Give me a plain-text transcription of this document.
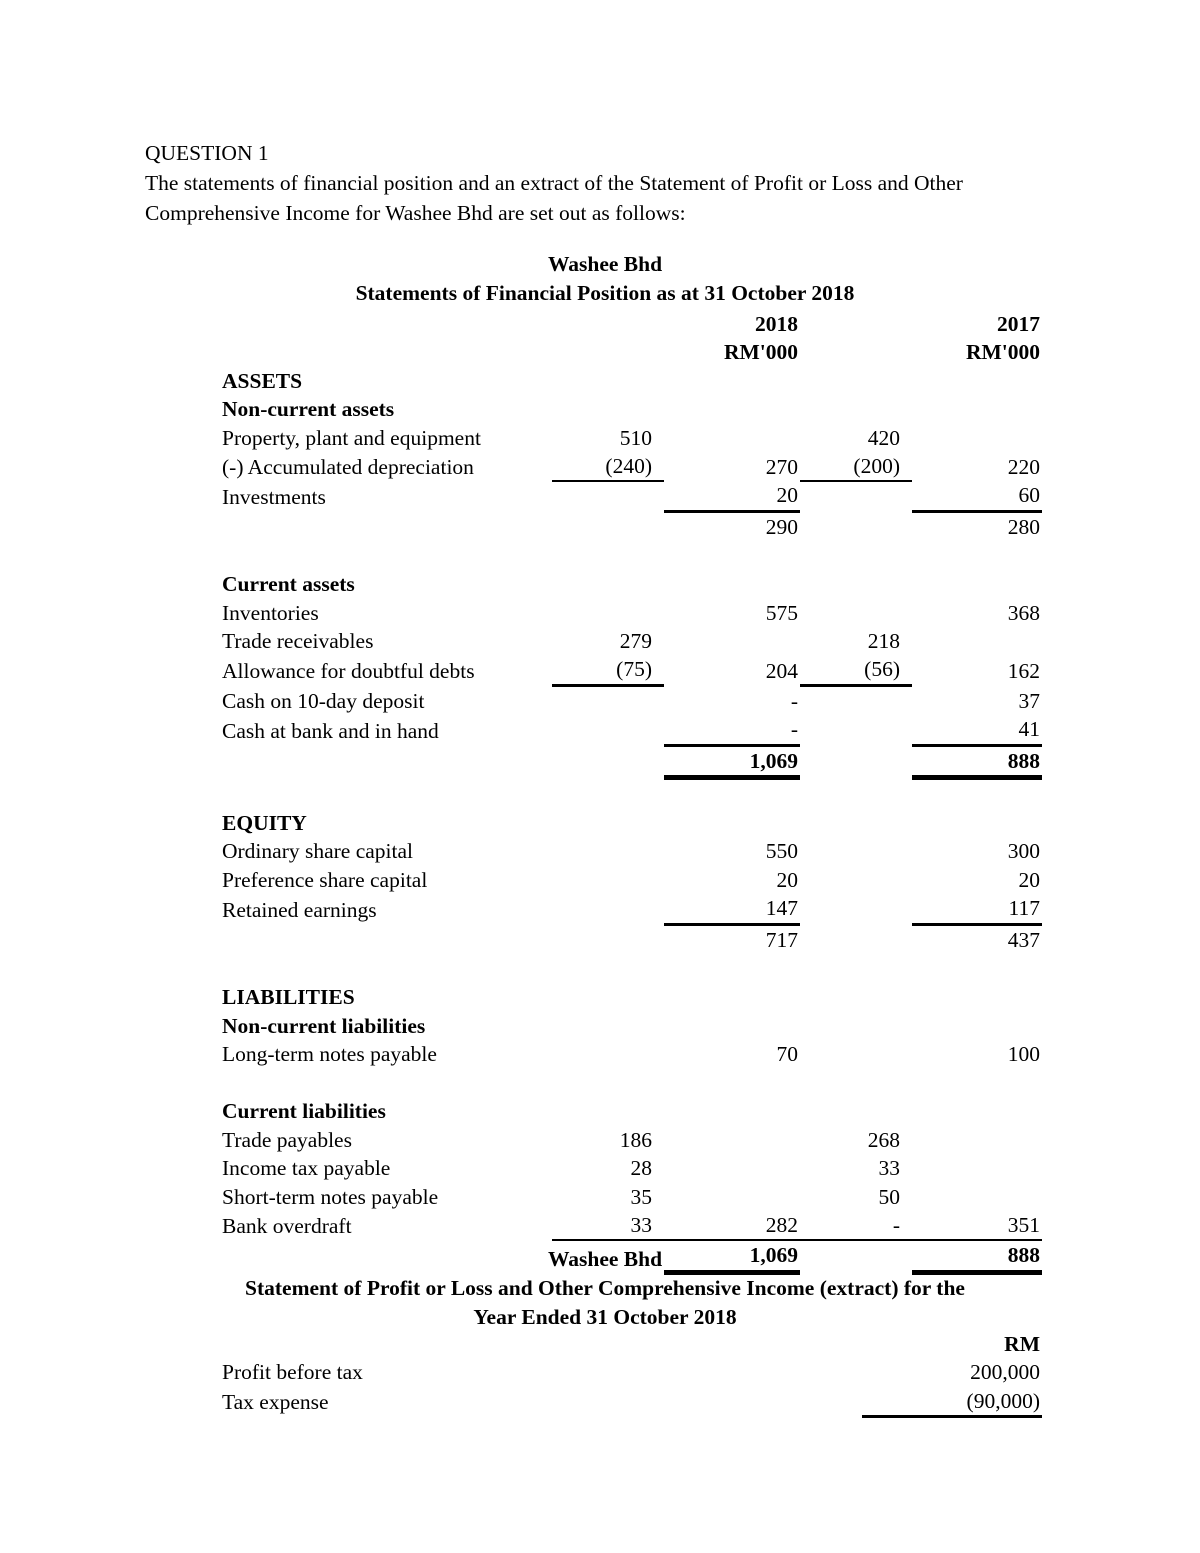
QUESTION 1
The statements of financial position and an extract of the Statement of Profit or Loss and Other
Comprehensive Income for Washee Bhd are set out as follows:
Washee Bhd
Statements of Financial Position as at 31 October 2018
		2018		2017
		RM'000		RM'000
ASSETS				
Non-current assets				
Property, plant and equipment	510		420	
(-) Accumulated depreciation	(240)	270	(200)	220
Investments		20		60
		290		280

Current assets				
Inventories		575		368
Trade receivables	279		218	
Allowance for doubtful debts	(75)	204	(56)	162
Cash on 10-day deposit		-		37
Cash at bank and in hand		-		41
		1,069		888

EQUITY				
Ordinary share capital		550		300
Preference share capital		20		20
Retained earnings		147		117
		717		437

LIABILITIES				
Non-current liabilities				
Long-term notes payable		70		100

Current liabilities				
Trade payables	186		268	
Income tax payable	28		33	
Short-term notes payable	35		50	
Bank overdraft	33	282	-	351
		1,069		888
Washee Bhd
Statement of Profit or Loss and Other Comprehensive Income (extract) for the
Year Ended 31 October 2018
	RM
Profit before tax	200,000
Tax expense	(90,000)
